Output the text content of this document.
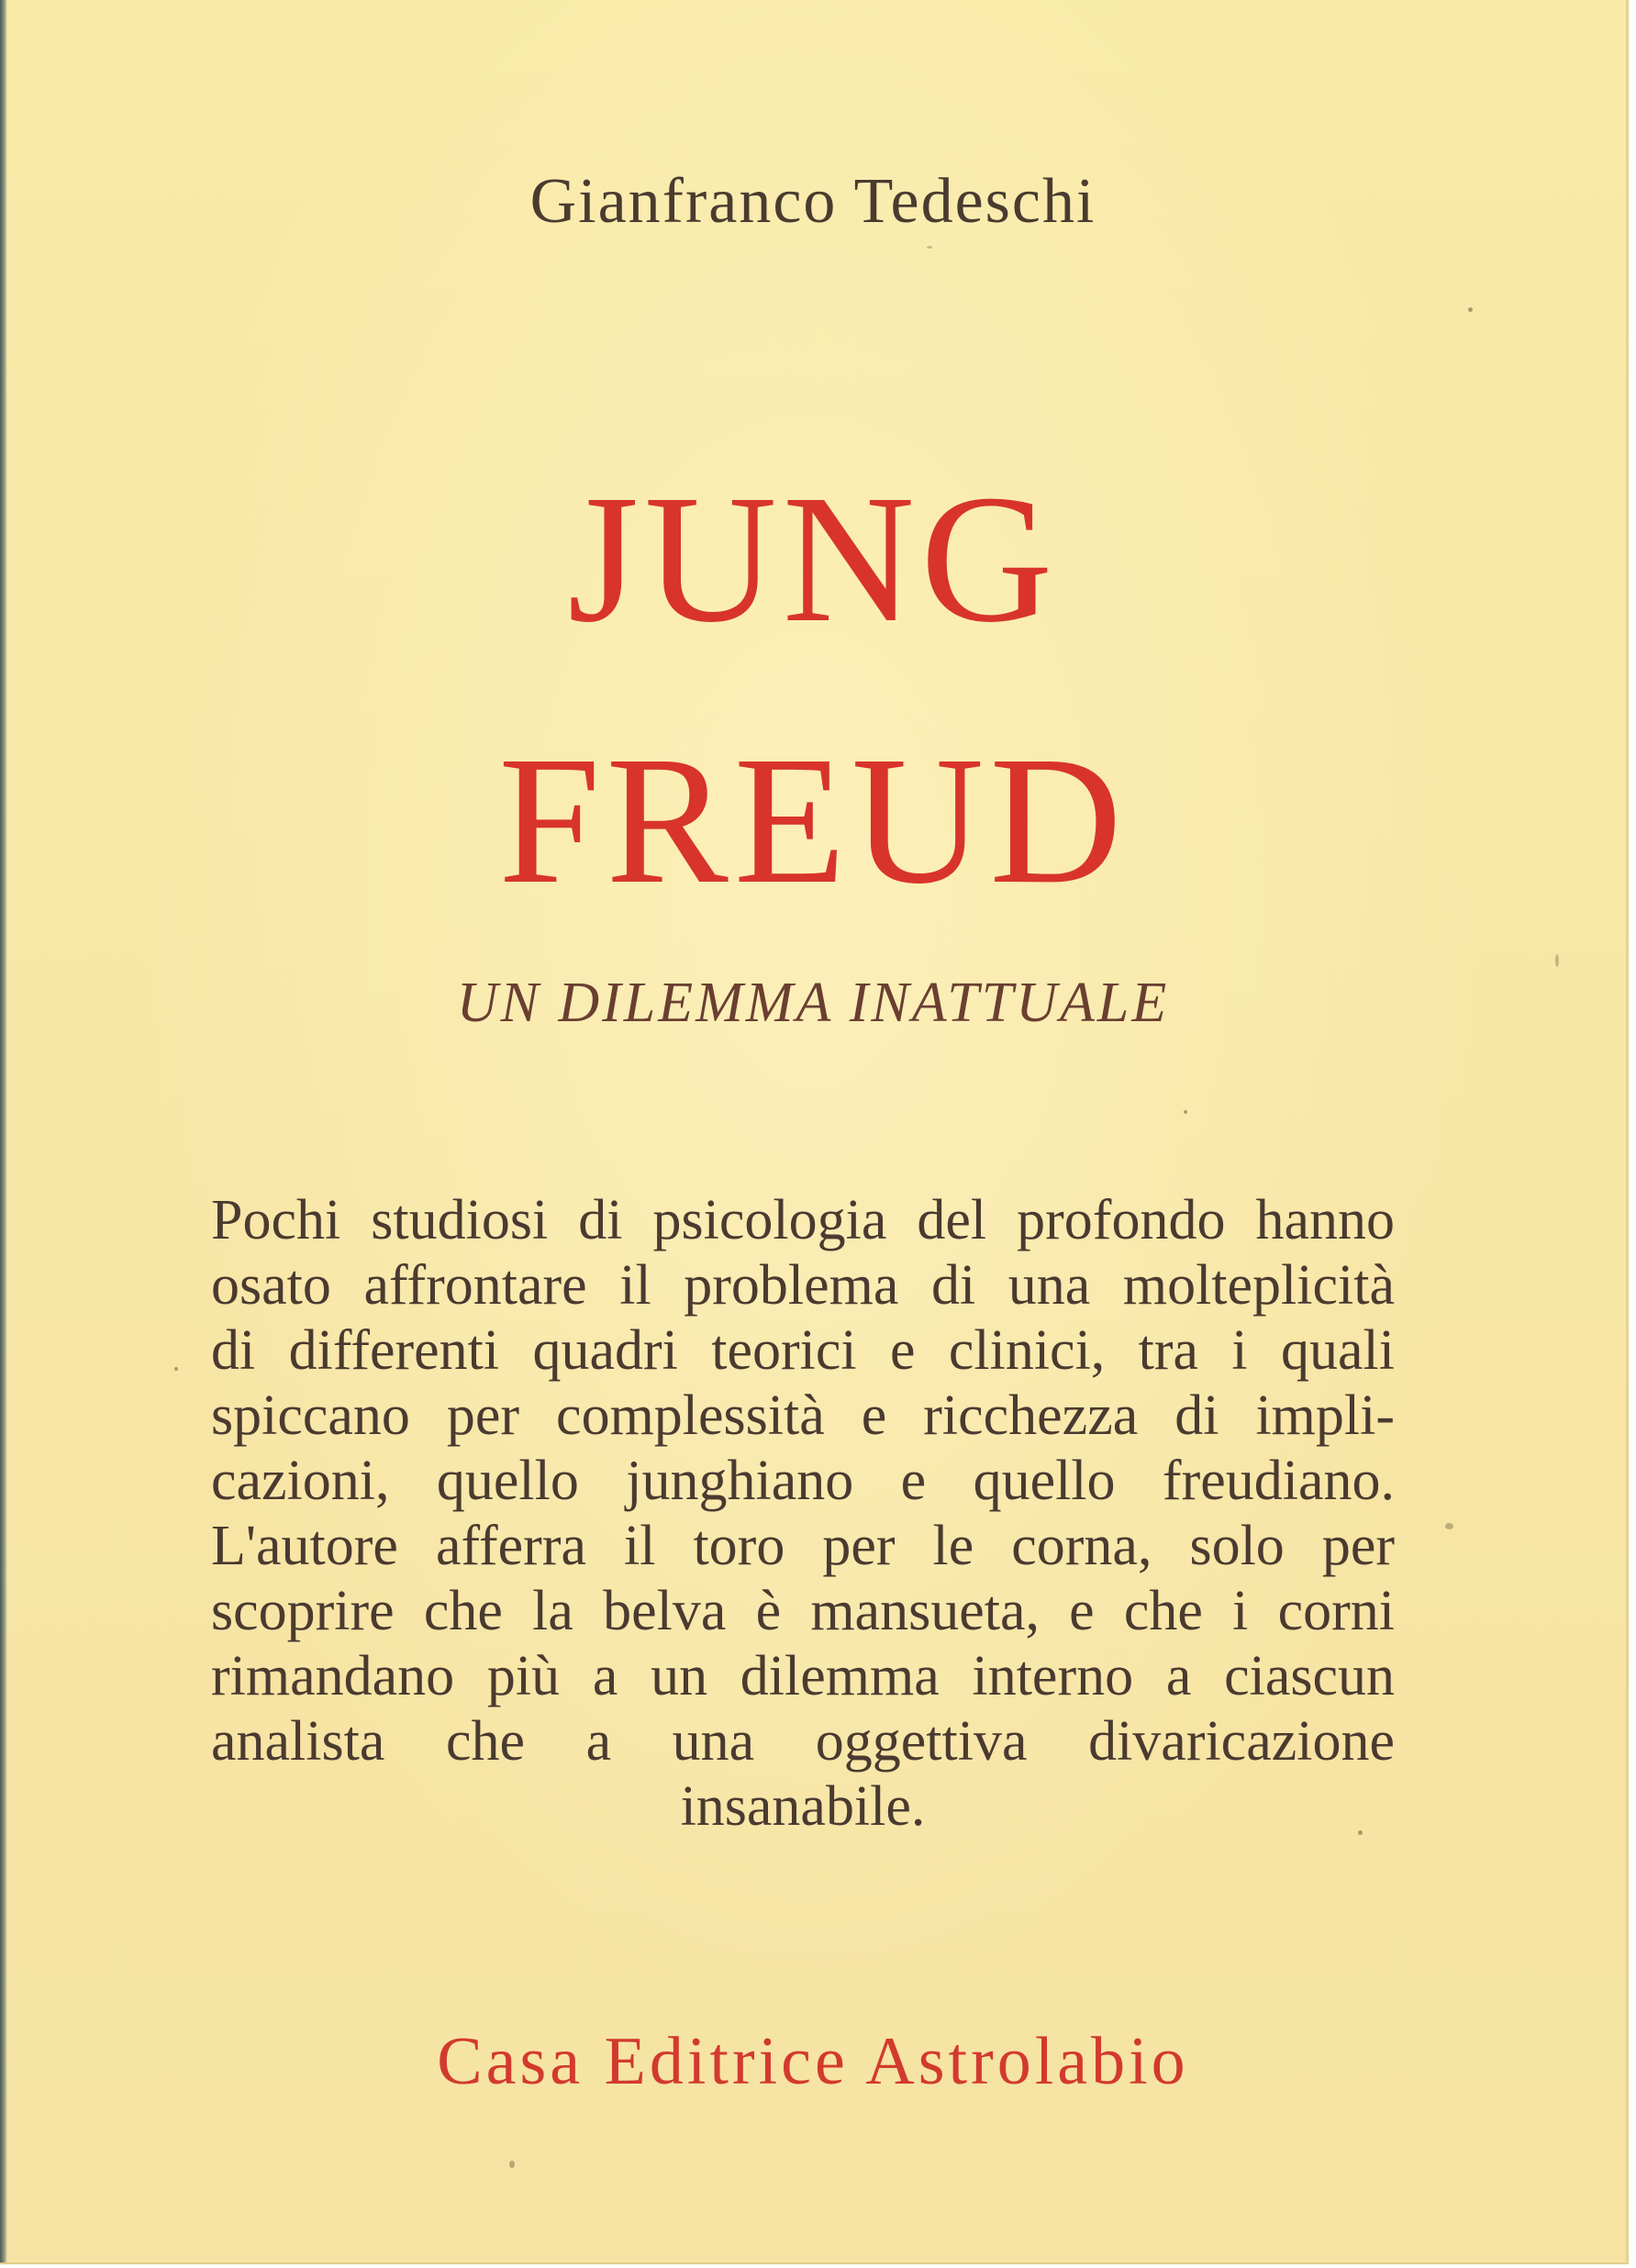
Gianfranco Tedeschi
JUNG
FREUD
UN DILEMMA INATTUALE
Pochi studiosi di psicologia del profondo hanno
osato affrontare il problema di una molteplicità
di differenti quadri teorici e clinici, tra i quali
spiccano per complessità e ricchezza di impli-
cazioni, quello junghiano e quello freudiano.
L'autore afferra il toro per le corna, solo per
scoprire che la belva è mansueta, e che i corni
rimandano più a un dilemma interno a ciascun
analista che a una oggettiva divaricazione
insanabile.
Casa Editrice Astrolabio
